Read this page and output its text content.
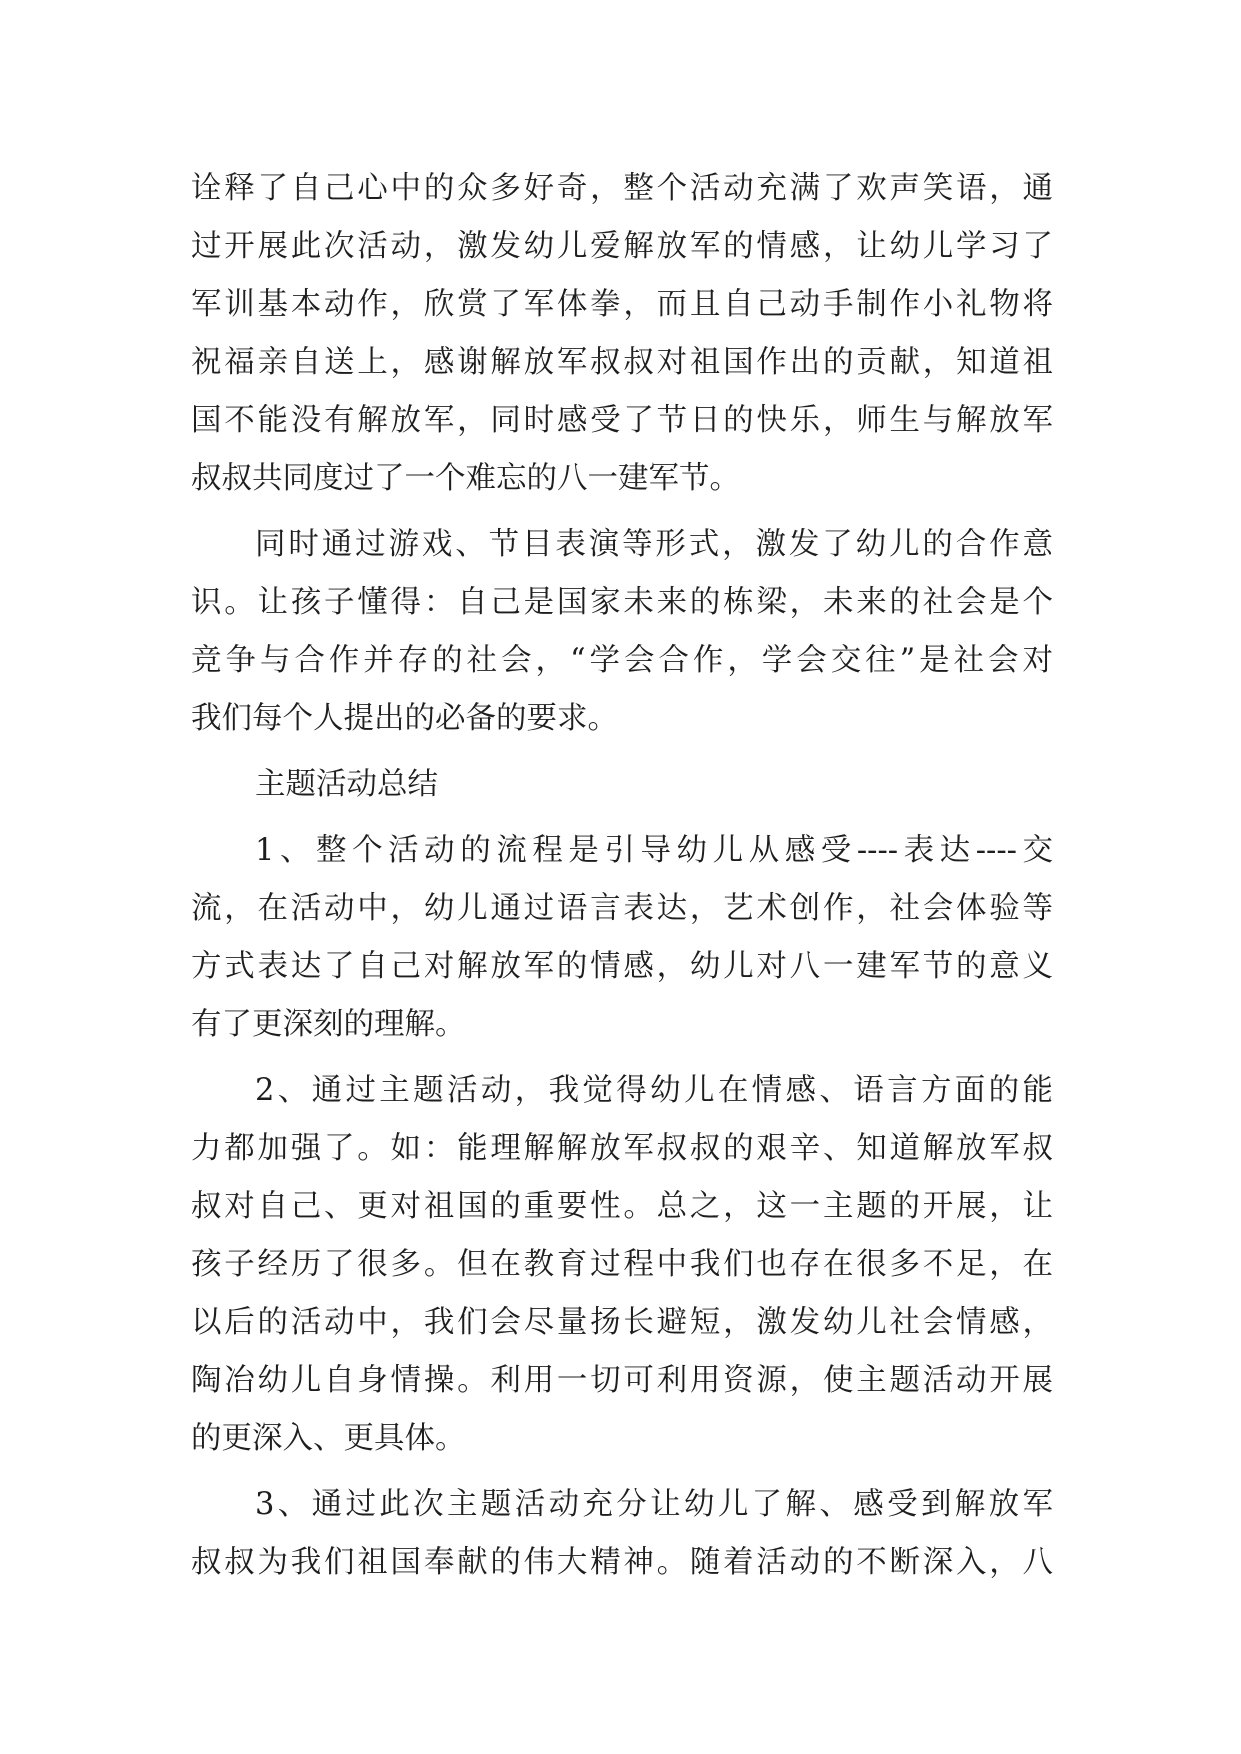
诠释了自己心中的众多好奇，整个活动充满了欢声笑语，通
过开展此次活动，激发幼儿爱解放军的情感，让幼儿学习了
军训基本动作，欣赏了军体拳，而且自己动手制作小礼物将
祝福亲自送上，感谢解放军叔叔对祖国作出的贡献，知道祖
国不能没有解放军，同时感受了节日的快乐，师生与解放军
叔叔共同度过了一个难忘的八一建军节。
同时通过游戏、节目表演等形式，激发了幼儿的合作意
识。让孩子懂得：自己是国家未来的栋梁，未来的社会是个
竞争与合作并存的社会，“学会合作，学会交往”是社会对
我们每个人提出的必备的要求。
主题活动总结
1、整个活动的流程是引导幼儿从感受----表达----交
流，在活动中，幼儿通过语言表达，艺术创作，社会体验等
方式表达了自己对解放军的情感，幼儿对八一建军节的意义
有了更深刻的理解。
2、通过主题活动，我觉得幼儿在情感、语言方面的能
力都加强了。如：能理解解放军叔叔的艰辛、知道解放军叔
叔对自己、更对祖国的重要性。总之，这一主题的开展，让
孩子经历了很多。但在教育过程中我们也存在很多不足，在
以后的活动中，我们会尽量扬长避短，激发幼儿社会情感，
陶冶幼儿自身情操。利用一切可利用资源，使主题活动开展
的更深入、更具体。
3、通过此次主题活动充分让幼儿了解、感受到解放军
叔叔为我们祖国奉献的伟大精神。随着活动的不断深入，八
